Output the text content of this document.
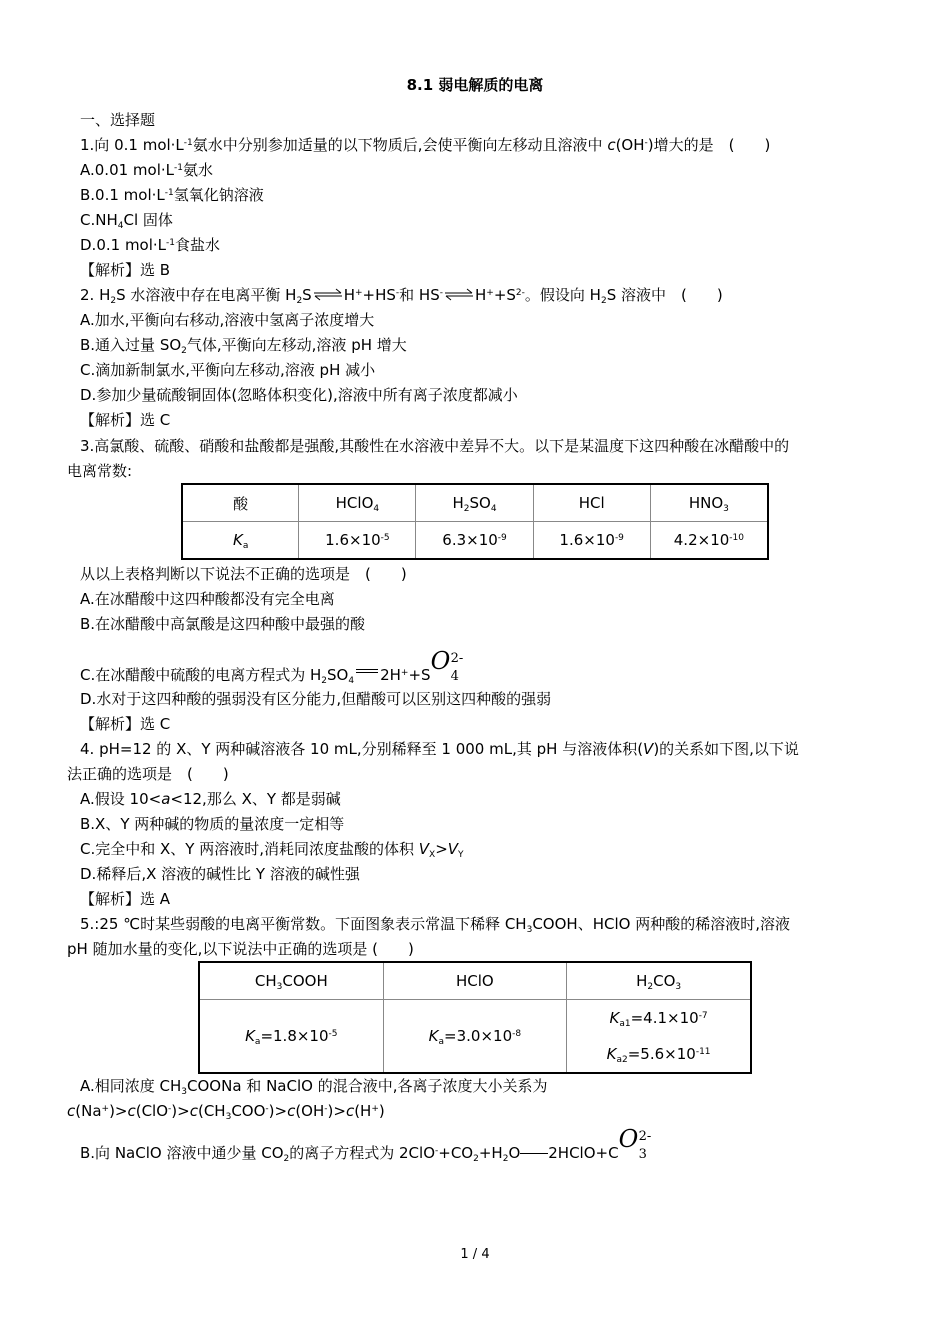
8.1 弱电解质的电离
一、选择题
1.向 0.1 $mol\cdot L^{-1}$氨水中分别参加适量的以下物质后,会使平衡向左移动且溶液中 c(OH-)增大的是　(　　)
A.0.01 $mol\cdot L^{-1}$氨水
B.0.1 $mol\cdot L^{-1}$氢氧化钠溶液
$C.NH_4Cl$ 固体
D.0.1 $mol\cdot L^{-1}$食盐水
【解析】选 B
2. $H_2S$ 水溶液中存在电离平衡 $H_2S\rightleftharpoons H^++HS^-$和 $HS^-\rightleftharpoons H^++S^{2-}$。假设向 $H_2S$ 溶液中　(　　)
A.加水,平衡向右移动,溶液中氢离子浓度增大
B.通入过量 $SO_2$气体,平衡向左移动,溶液 pH 增大
C.滴加新制氯水,平衡向左移动,溶液 pH 减小
D.参加少量硫酸铜固体(忽略体积变化),溶液中所有离子浓度都减小
【解析】选 C
3.高氯酸、硫酸、硝酸和盐酸都是强酸,其酸性在水溶液中差异不大。以下是某温度下这四种酸在冰醋酸中的
电离常数:
酸	HClO$_4$	$H_2SO_4$	HCl	$HNO_3$
$K_a$	$1.6\times 10^{-5}$	$6.3\times 10^{-9}$	$1.6\times 10^{-9}$	$4.2\times 10^{-10}$
从以上表格判断以下说法不正确的选项是　(　　)
A.在冰醋酸中这四种酸都没有完全电离
B.在冰醋酸中高氯酸是这四种酸中最强的酸
C.在冰醋酸中硫酸的电离方程式为 $H_2SO_4$ 2H++S O 2-
4
D.水对于这四种酸的强弱没有区分能力,但醋酸可以区别这四种酸的强弱
【解析】选 C
4. pH=12 的 X、Y 两种碱溶液各 10 mL,分别稀释至 1 000 mL,其 pH 与溶液体积(V)的关系如下图,以下说
法正确的选项是　(　　)
A.假设 10<a<12,那么 X、Y 都是弱碱
B.X、Y 两种碱的物质的量浓度一定相等
C.完全中和 X、Y 两溶液时,消耗同浓度盐酸的体积 $V_X>V_Y$
D.稀释后,X 溶液的碱性比 Y 溶液的碱性强
【解析】选 A
5.:25 ℃时某些弱酸的电离平衡常数。下面图象表示常温下稀释 $CH_3COOH$、HClO 两种酸的稀溶液时,溶液
pH 随加水量的变化,以下说法中正确的选项是 (　　)
$CH_3COOH$	HClO	$H_2CO_3$
$K_a=1.8\times 10^{-5}$	$K_a=3.0\times 10^{-8}$	$K_{a1}=4.1\times 10^{-7}$
$K_{a2}=5.6\times 10^{-11}$
A.相同浓度 $CH_3COONa$ 和 NaClO 的混合液中,各离子浓度大小关系为
$c(Na^+)>c(ClO^-)>c(CH_3COO^-)>c(OH^-)>c(H^+)$
B.向 NaClO 溶液中通少量 $CO_2$的离子方程式为 $2ClO^-+CO_2+H_2O$ 2HClO+C O 2-
3
1 / 4
